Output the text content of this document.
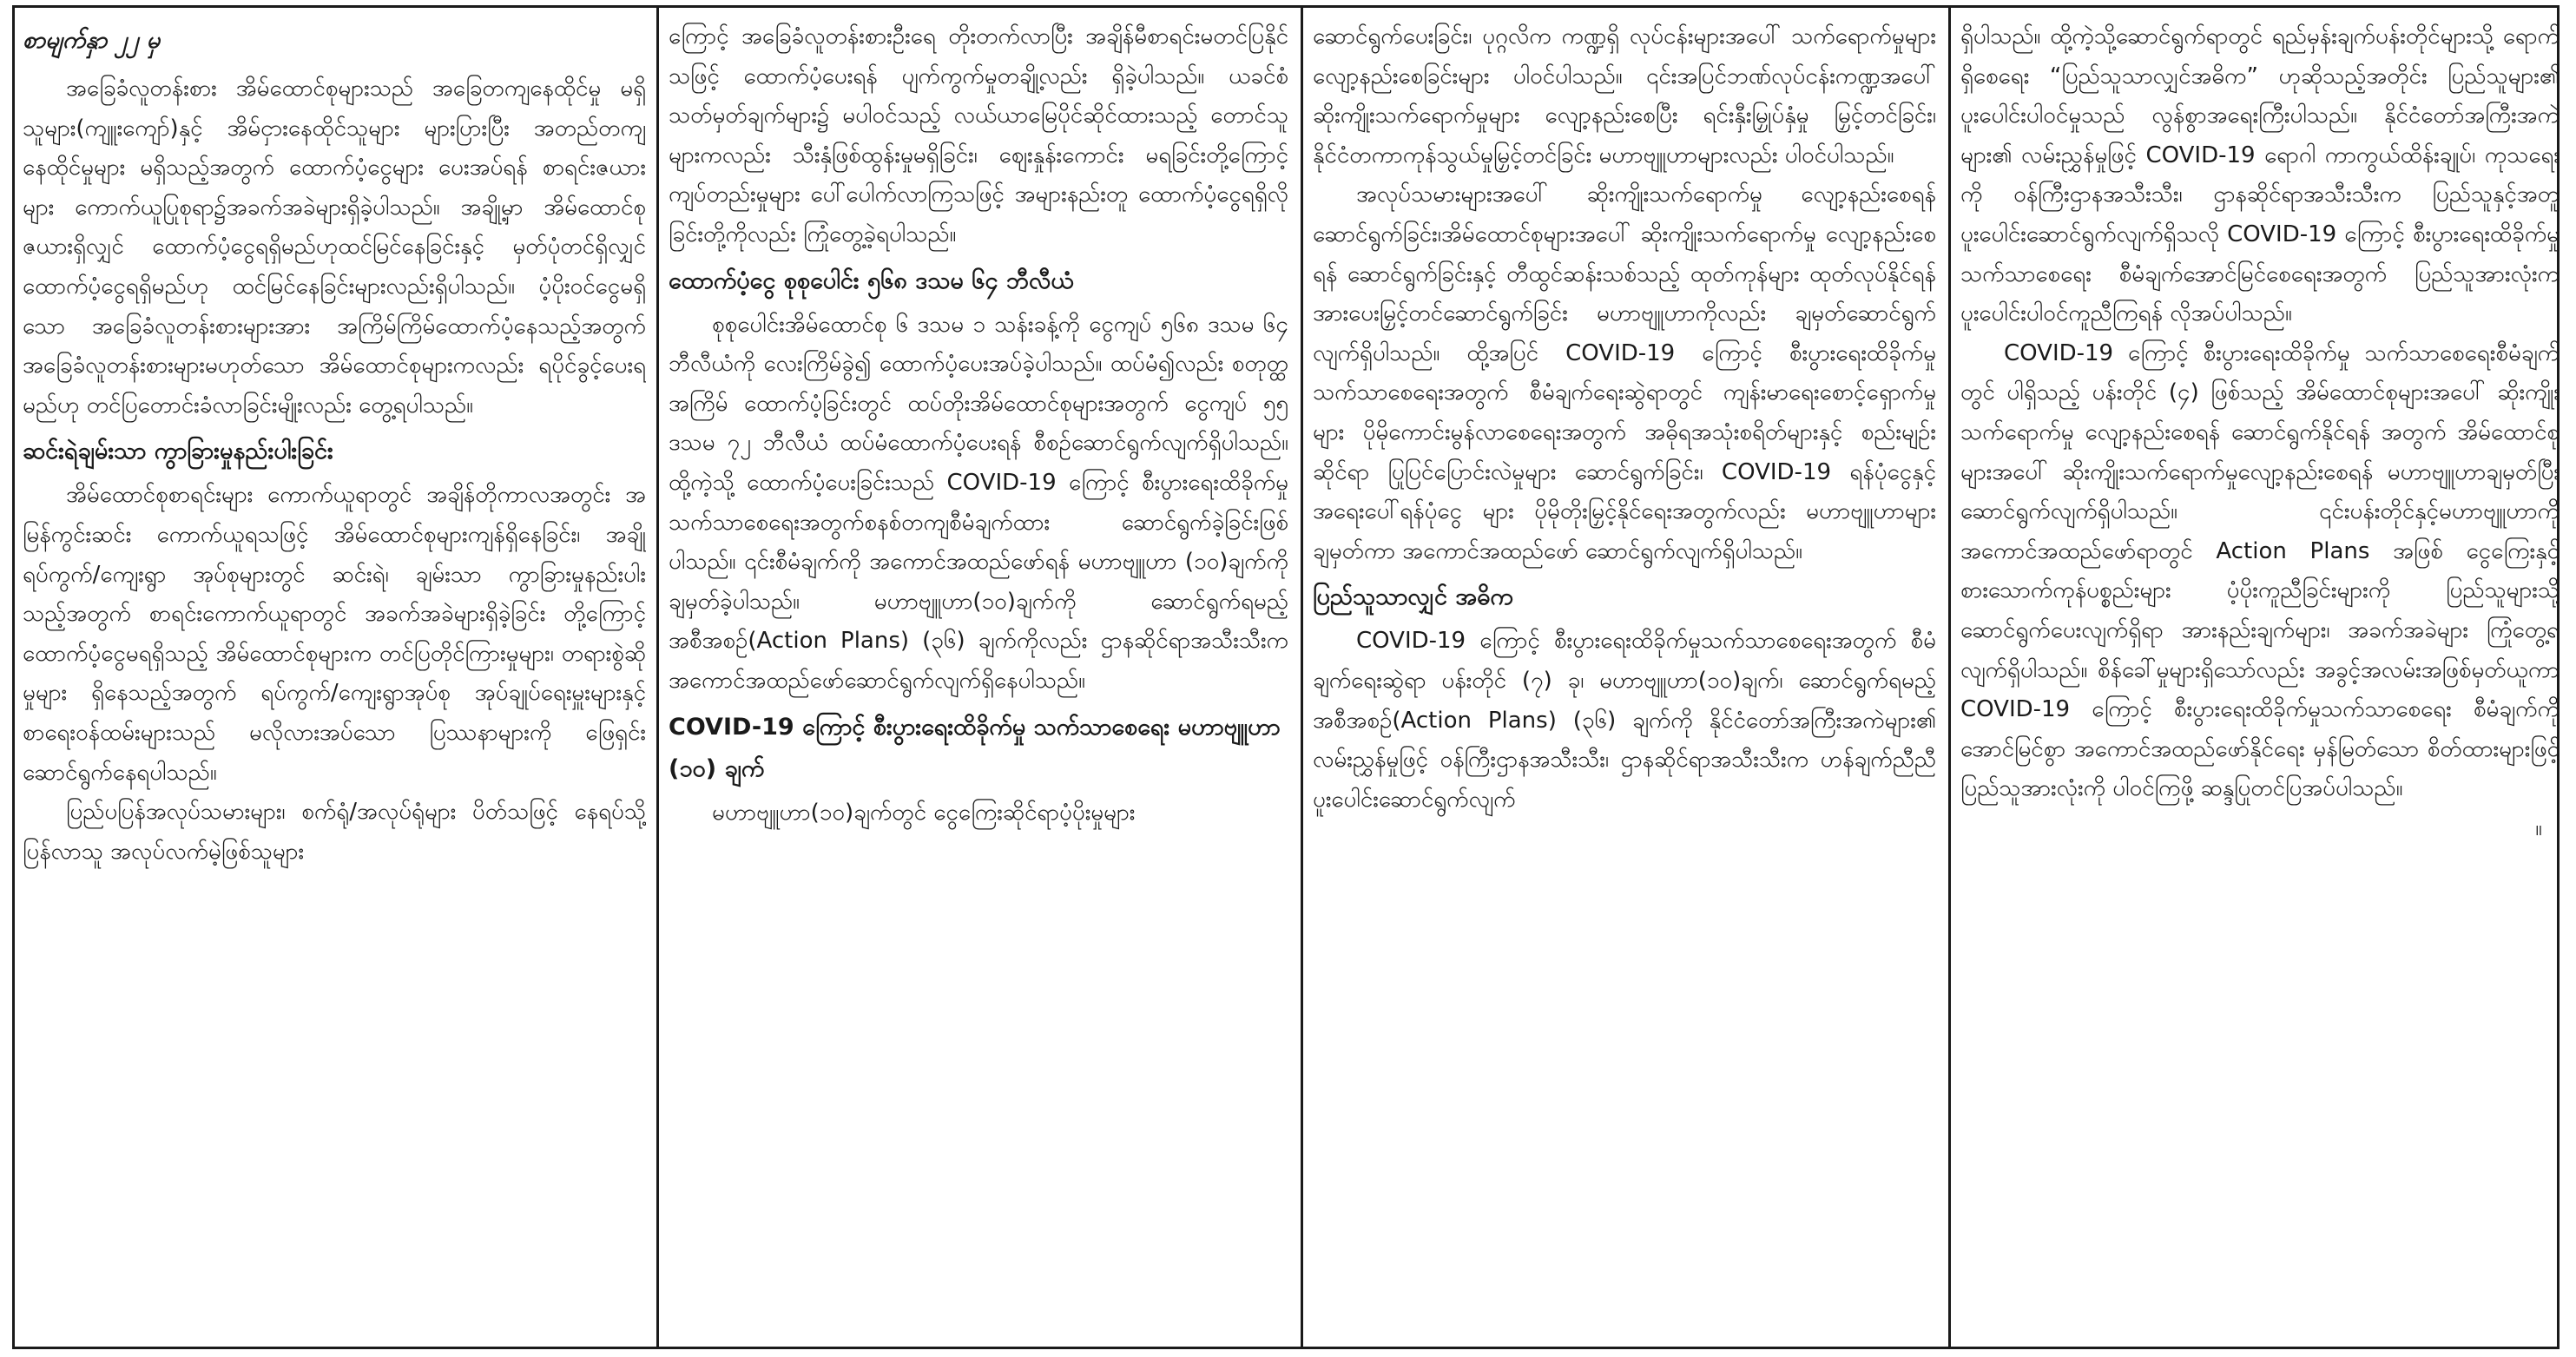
စာမျက်နှာ ၂၂ မှ

အခြေခံလူတန်းစား အိမ်ထောင်စုများသည် အခြေတကျနေထိုင်မှု မရှိသူများ(ကျူးကျော်)နှင့် အိမ်ငှားနေထိုင်သူများ များပြားပြီး အတည်တကျနေထိုင်မှုများ မရှိသည့်အတွက် ထောက်ပံ့ငွေများ ပေးအပ်ရန် စာရင်းဇယားများ ကောက်ယူပြုစုရာ၌အခက်အခဲများရှိခဲ့ပါသည်။ အချို့မှာ အိမ်ထောင်စုဇယားရှိလျှင် ထောက်ပံ့ငွေရရှိမည်ဟုထင်မြင်နေခြင်းနှင့် မှတ်ပုံတင်ရှိလျှင် ထောက်ပံ့ငွေရရှိမည်ဟု ထင်မြင်နေခြင်းများလည်းရှိပါသည်။ ပံ့ပိုးဝင်ငွေမရှိသော အခြေခံလူတန်းစားများအား အကြိမ်ကြိမ်ထောက်ပံ့နေသည့်အတွက် အခြေခံလူတန်းစားများမဟုတ်သော အိမ်ထောင်စုများကလည်း ရပိုင်ခွင့်ပေးရမည်ဟု တင်ပြတောင်းခံလာခြင်းမျိုးလည်း တွေ့ရပါသည်။

ဆင်းရဲချမ်းသာ ကွာခြားမှုနည်းပါးခြင်း

အိမ်ထောင်စုစာရင်းများ ကောက်ယူရာတွင် အချိန်တိုကာလအတွင်း အမြန်ကွင်းဆင်း ကောက်ယူရသဖြင့် အိမ်ထောင်စုများကျန်ရှိနေခြင်း၊ အချို့ရပ်ကွက်/ကျေးရွာ အုပ်စုများတွင် ဆင်းရဲ၊ ချမ်းသာ ကွာခြားမှုနည်းပါးသည့်အတွက် စာရင်းကောက်ယူရာတွင် အခက်အခဲများရှိခဲ့ခြင်း တို့ကြောင့် ထောက်ပံ့ငွေမရရှိသည့် အိမ်ထောင်စုများက တင်ပြတိုင်ကြားမှုများ၊ တရားစွဲဆိုမှုများ ရှိနေသည့်အတွက် ရပ်ကွက်/ကျေးရွာအုပ်စု အုပ်ချုပ်ရေးမှူးများနှင့် စာရေးဝန်ထမ်းများသည် မလိုလားအပ်သော ပြဿနာများကို ဖြေရှင်းဆောင်ရွက်နေရပါသည်။

ပြည်ပပြန်အလုပ်သမားများ၊ စက်ရုံ/အလုပ်ရုံများ ပိတ်သဖြင့် နေရပ်သို့ပြန်လာသူ အလုပ်လက်မဲ့ဖြစ်သူများ

ကြောင့် အခြေခံလူတန်းစားဦးရေ တိုးတက်လာပြီး အချိန်မီစာရင်းမတင်ပြနိုင်သဖြင့် ထောက်ပံ့ပေးရန် ပျက်ကွက်မှုတချို့လည်း ရှိခဲ့ပါသည်။ ယခင်စံသတ်မှတ်ချက်များ၌ မပါဝင်သည့် လယ်ယာမြေပိုင်ဆိုင်ထားသည့် တောင်သူများကလည်း သီးနှံဖြစ်ထွန်းမှုမရှိခြင်း၊ ဈေးနှုန်းကောင်း မရခြင်းတို့ကြောင့် ကျပ်တည်းမှုများ ပေါ်ပေါက်လာကြသဖြင့် အများနည်းတူ ထောက်ပံ့ငွေရရှိလိုခြင်းတို့ကိုလည်း ကြုံတွေ့ခဲ့ရပါသည်။

ထောက်ပံ့ငွေ စုစုပေါင်း ၅၆၈ ဒသမ ၆၄ ဘီလီယံ

စုစုပေါင်းအိမ်ထောင်စု ၆ ဒသမ ၁ သန်းခန့်ကို ငွေကျပ် ၅၆၈ ဒသမ ၆၄ ဘီလီယံကို လေးကြိမ်ခွဲ၍ ထောက်ပံ့ပေးအပ်ခဲ့ပါသည်။ ထပ်မံ၍လည်း စတုတ္ထအကြိမ် ထောက်ပံ့ခြင်းတွင် ထပ်တိုးအိမ်ထောင်စုများအတွက် ငွေကျပ် ၅၅ ဒသမ ၇၂ ဘီလီယံ ထပ်မံထောက်ပံ့ပေးရန် စီစဉ်ဆောင်ရွက်လျက်ရှိပါသည်။ ထို့ကဲ့သို့ ထောက်ပံ့ပေးခြင်းသည် COVID-19 ကြောင့် စီးပွားရေးထိခိုက်မှု သက်သာစေရေးအတွက်စနစ်တကျစီမံချက်ထား ဆောင်ရွက်ခဲ့ခြင်းဖြစ်ပါသည်။ ၎င်းစီမံချက်ကို အကောင်အထည်ဖော်ရန် မဟာဗျူဟာ (၁၀)ချက်ကို ချမှတ်ခဲ့ပါသည်။ မဟာဗျူဟာ(၁၀)ချက်ကို ဆောင်ရွက်ရမည့် အစီအစဉ်(Action Plans) (၃၆) ချက်ကိုလည်း ဌာနဆိုင်ရာအသီးသီးက အကောင်အထည်ဖော်ဆောင်ရွက်လျက်ရှိနေပါသည်။

COVID-19 ကြောင့် စီးပွားရေးထိခိုက်မှု သက်သာစေရေး မဟာဗျူဟာ (၁၀) ချက်

မဟာဗျူဟာ(၁၀)ချက်တွင် ငွေကြေးဆိုင်ရာပံ့ပိုးမှုများ

ဆောင်ရွက်ပေးခြင်း၊ ပုဂ္ဂလိက ကဏ္ဍရှိ လုပ်ငန်းများအပေါ် သက်ရောက်မှုများ လျော့နည်းစေခြင်းများ ပါဝင်ပါသည်။ ၎င်းအပြင်ဘဏ်လုပ်ငန်းကဏ္ဍအပေါ် ဆိုးကျိုးသက်ရောက်မှုများ လျော့နည်းစေပြီး ရင်းနှီးမြှုပ်နှံမှု မြှင့်တင်ခြင်း၊ နိုင်ငံတကာကုန်သွယ်မှုမြှင့်တင်ခြင်း မဟာဗျူဟာများလည်း ပါဝင်ပါသည်။

အလုပ်သမားများအပေါ် ဆိုးကျိုးသက်ရောက်မှု လျော့နည်းစေရန် ဆောင်ရွက်ခြင်း၊အိမ်ထောင်စုများအပေါ် ဆိုးကျိုးသက်ရောက်မှု လျော့နည်းစေရန် ဆောင်ရွက်ခြင်းနှင့် တီထွင်ဆန်းသစ်သည့် ထုတ်ကုန်များ ထုတ်လုပ်နိုင်ရန် အားပေးမြှင့်တင်ဆောင်ရွက်ခြင်း မဟာဗျူဟာကိုလည်း ချမှတ်ဆောင်ရွက်လျက်ရှိပါသည်။ ထို့အပြင် COVID-19 ကြောင့် စီးပွားရေးထိခိုက်မှု သက်သာစေရေးအတွက် စီမံချက်ရေးဆွဲရာတွင် ကျန်းမာရေးစောင့်ရှောက်မှုများ ပိုမိုကောင်းမွန်လာစေရေးအတွက် အဓိုရအသုံးစရိတ်များနှင့် စည်းမျဉ်းဆိုင်ရာ ပြုပြင်ပြောင်းလဲမှုများ ဆောင်ရွက်ခြင်း၊ COVID-19 ရန်ပုံငွေနှင့် အရေးပေါ်ရန်ပုံငွေ များ ပိုမိုတိုးမြှင့်နိုင်ရေးအတွက်လည်း မဟာဗျူဟာများ ချမှတ်ကာ အကောင်အထည်ဖော် ဆောင်ရွက်လျက်ရှိပါသည်။

ပြည်သူသာလျှင် အဓိက

COVID-19 ကြောင့် စီးပွားရေးထိခိုက်မှုသက်သာစေရေးအတွက် စီမံချက်ရေးဆွဲရာ ပန်းတိုင် (၇) ခု၊ မဟာဗျူဟာ(၁၀)ချက်၊ ဆောင်ရွက်ရမည့်အစီအစဉ်(Action Plans) (၃၆) ချက်ကို နိုင်ငံတော်အကြီးအကဲများ၏ လမ်းညွှန်မှုဖြင့် ဝန်ကြီးဌာနအသီးသီး၊ ဌာနဆိုင်ရာအသီးသီးက ဟန်ချက်ညီညီ ပူးပေါင်းဆောင်ရွက်လျက်

ရှိပါသည်။ ထို့ကဲ့သို့ဆောင်ရွက်ရာတွင် ရည်မှန်းချက်ပန်းတိုင်များသို့ ရောက်ရှိစေရေး “ပြည်သူသာလျှင်အဓိက” ဟုဆိုသည့်အတိုင်း ပြည်သူများ၏ ပူးပေါင်းပါဝင်မှုသည် လွန်စွာအရေးကြီးပါသည်။ နိုင်ငံတော်အကြီးအကဲများ၏ လမ်းညွှန်မှုဖြင့် COVID-19 ရောဂါ ကာကွယ်ထိန်းချုပ်၊ ကုသရေးကို ဝန်ကြီးဌာနအသီးသီး၊ ဌာနဆိုင်ရာအသီးသီးက ပြည်သူနှင့်အတူ ပူးပေါင်းဆောင်ရွက်လျက်ရှိသလို COVID-19 ကြောင့် စီးပွားရေးထိခိုက်မှုသက်သာစေရေး စီမံချက်အောင်မြင်စေရေးအတွက် ပြည်သူအားလုံးက ပူးပေါင်းပါဝင်ကူညီကြရန် လိုအပ်ပါသည်။

COVID-19 ကြောင့် စီးပွားရေးထိခိုက်မှု သက်သာစေရေးစီမံချက်တွင် ပါရှိသည့် ပန်းတိုင် (၄) ဖြစ်သည့် အိမ်ထောင်စုများအပေါ် ဆိုးကျိုးသက်ရောက်မှု လျော့နည်းစေရန် ဆောင်ရွက်နိုင်ရန် အတွက် အိမ်ထောင်စုများအပေါ် ဆိုးကျိုးသက်ရောက်မှုလျော့နည်းစေရန် မဟာဗျူဟာချမှတ်ပြီး ဆောင်ရွက်လျက်ရှိပါသည်။ ၎င်းပန်းတိုင်နှင့်မဟာဗျူဟာကို အကောင်အထည်ဖော်ရာတွင် Action Plans အဖြစ် ငွေကြေးနှင့်စားသောက်ကုန်ပစ္စည်းများ ပံ့ပိုးကူညီခြင်းများကို ပြည်သူများသို့ ဆောင်ရွက်ပေးလျက်ရှိရာ အားနည်းချက်များ၊ အခက်အခဲများ ကြုံတွေ့ရလျက်ရှိပါသည်။ စိန်ခေါ်မှုများရှိသော်လည်း အခွင့်အလမ်းအဖြစ်မှတ်ယူကာ COVID-19 ကြောင့် စီးပွားရေးထိခိုက်မှုသက်သာစေရေး စီမံချက်ကို အောင်မြင်စွာ အကောင်အထည်ဖော်နိုင်ရေး မှန်မြတ်သော စိတ်ထားများဖြင့် ပြည်သူအားလုံးကို ပါဝင်ကြဖို့ ဆန္ဒပြုတင်ပြအပ်ပါသည်။

။
